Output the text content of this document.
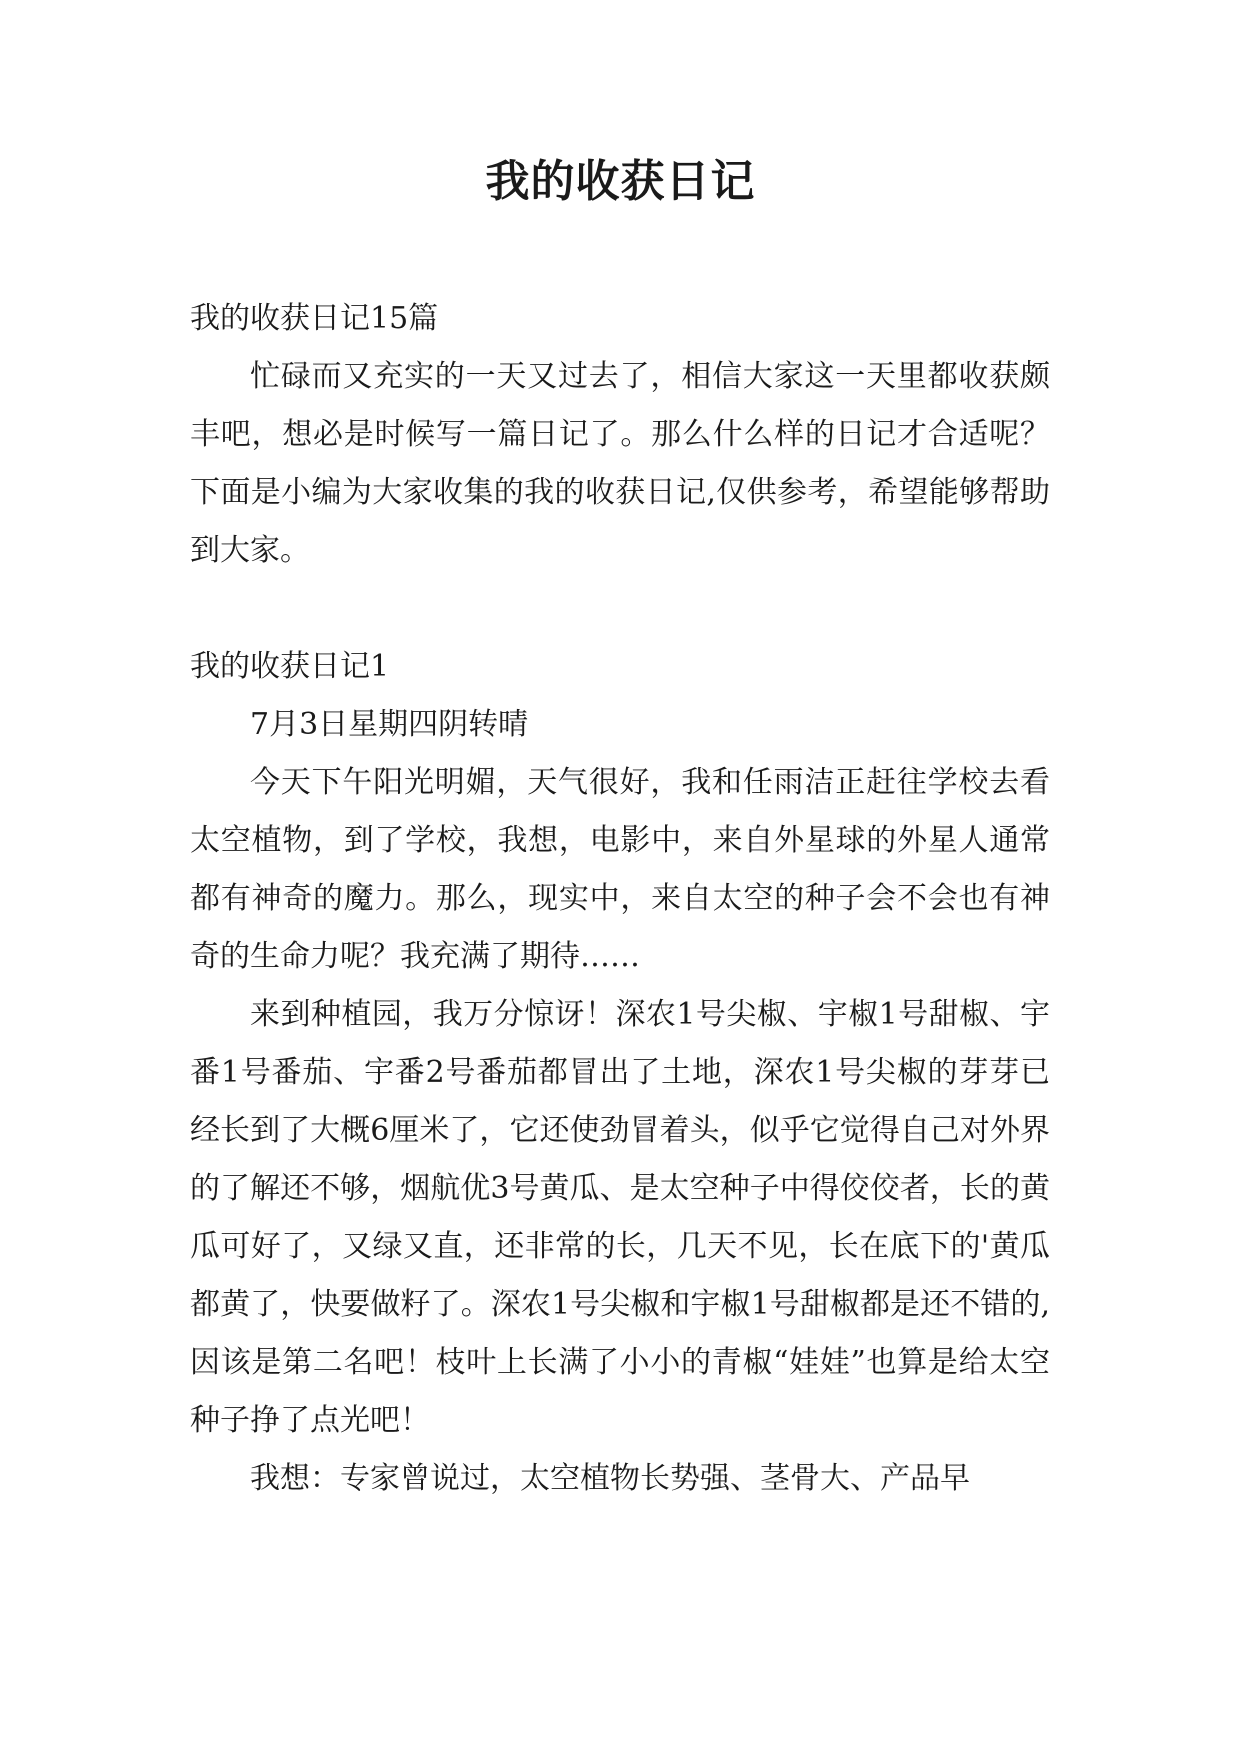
我的收获日记

我的收获日记15篇

忙碌而又充实的一天又过去了，相信大家这一天里都收获颇丰吧，想必是时候写一篇日记了。那么什么样的日记才合适呢？下面是小编为大家收集的我的收获日记,仅供参考，希望能够帮助到大家。

我的收获日记1

7月3日星期四阴转晴

今天下午阳光明媚，天气很好，我和任雨洁正赶往学校去看太空植物，到了学校，我想，电影中，来自外星球的外星人通常都有神奇的魔力。那么，现实中，来自太空的种子会不会也有神奇的生命力呢？我充满了期待……

来到种植园，我万分惊讶！深农1号尖椒、宇椒1号甜椒、宇番1号番茄、宇番2号番茄都冒出了土地，深农1号尖椒的芽芽已经长到了大概6厘米了，它还使劲冒着头，似乎它觉得自己对外界的了解还不够，烟航优3号黄瓜、是太空种子中得佼佼者，长的黄瓜可好了，又绿又直，还非常的长，几天不见，长在底下的'黄瓜都黄了，快要做籽了。深农1号尖椒和宇椒1号甜椒都是还不错的,因该是第二名吧！枝叶上长满了小小的青椒“娃娃”也算是给太空种子挣了点光吧！

我想：专家曾说过，太空植物长势强、茎骨大、产品早
